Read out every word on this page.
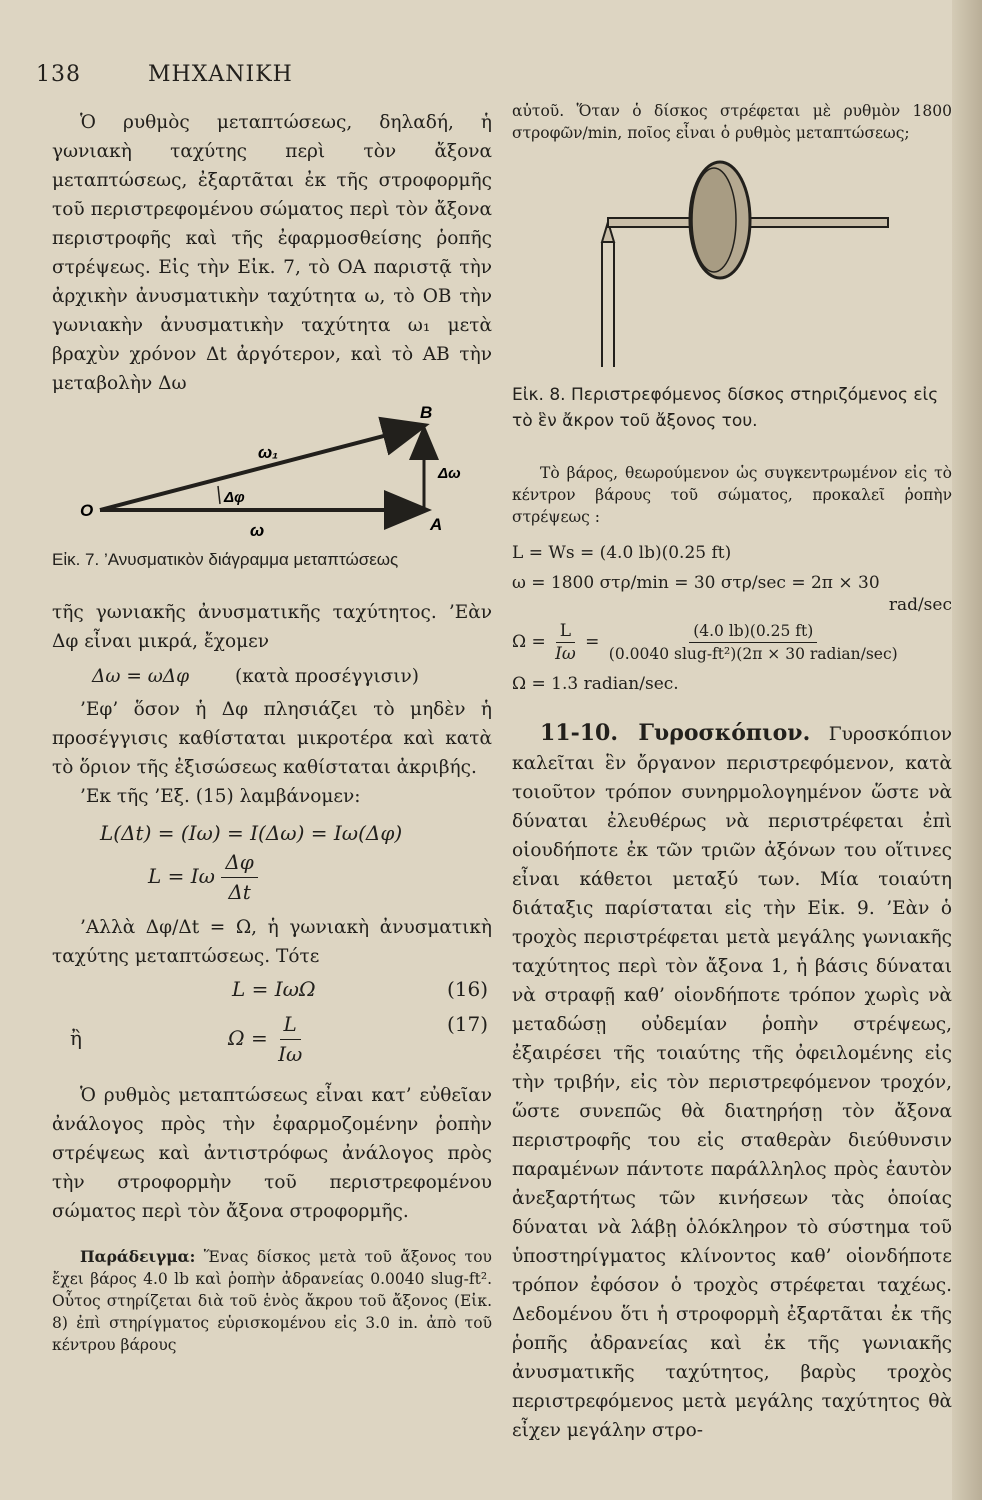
138	ΜΗΧΑΝΙΚΗ

Ὁ ρυθμὸς μεταπτώσεως, δηλαδή, ἡ γωνιακὴ ταχύτης περὶ τὸν ἄξονα μεταπτώσεως, ἐξαρτᾶται ἐκ τῆς στροφορμῆς τοῦ περιστρεφομένου σώματος περὶ τὸν ἄξονα περιστροφῆς καὶ τῆς ἐφαρμοσθείσης ῥοπῆς στρέψεως. Εἰς τὴν Εἰκ. 7, τὸ OA παριστᾷ τὴν ἀρχικὴν ἀνυσματικὴν ταχύτητα ω, τὸ OB τὴν γωνιακὴν ἀνυσματικὴν ταχύτητα ω₁ μετὰ βραχὺν χρόνον Δt ἀργότερον, καὶ τὸ AB τὴν μεταβολὴν Δω

O
A
B
ω
ω₁
Δφ
Δω

Εἰκ. 7. ’Ανυσματικὸν διάγραμμα μεταπτώσεως

τῆς γωνιακῆς ἀνυσματικῆς ταχύτητος. ’Εὰν Δφ εἶναι μικρά, ἔχομεν

Δω = ωΔφ (κατὰ προσέγγισιν)

’Εφ’ ὅσον ἡ Δφ πλησιάζει τὸ μηδὲν ἡ προσέγγισις καθίσταται μικροτέρα καὶ κατὰ τὸ ὅριον τῆς ἐξισώσεως καθίσταται ἀκριβής.

’Εκ τῆς ’Εξ. (15) λαμβάνομεν:

L(Δt) = (Iω) = I(Δω) = Iω(Δφ)

L = Iω $\frac{\Delta\varphi}{\Delta t}$

’Αλλὰ Δφ/Δt = Ω, ἡ γωνιακὴ ἀνυσματικὴ ταχύτης μεταπτώσεως. Τότε

L = IωΩ	(16)

ἢ	$\Omega = \frac{L}{I\omega}$	(17)

Ὁ ρυθμὸς μεταπτώσεως εἶναι κατ’ εὐθεῖαν ἀνάλογος πρὸς τὴν ἐφαρμοζομένην ῥοπὴν στρέψεως καὶ ἀντιστρόφως ἀνάλογος πρὸς τὴν στροφορμὴν τοῦ περιστρεφομένου σώματος περὶ τὸν ἄξονα στροφορμῆς.

Παράδειγμα: Ἕνας δίσκος μετὰ τοῦ ἄξονος του ἔχει βάρος 4.0 lb καὶ ῥοπὴν ἀδρανείας 0.0040 slug-ft². Οὗτος στηρίζεται διὰ τοῦ ἑνὸς ἄκρου τοῦ ἄξονος (Εἰκ. 8) ἐπὶ στηρίγματος εὑρισκομένου εἰς 3.0 in. ἀπὸ τοῦ κέντρου βάρους

αὐτοῦ. Ὅταν ὁ δίσκος στρέφεται μὲ ρυθμὸν 1800 στροφῶν/min, ποῖος εἶναι ὁ ρυθμὸς μεταπτώσεως;

Εἰκ. 8. Περιστρεφόμενος δίσκος στηριζόμενος εἰς τὸ ἓν ἄκρον τοῦ ἄξονος του.

Τὸ βάρος, θεωρούμενον ὡς συγκεντρωμένον εἰς τὸ κέντρον βάρους τοῦ σώματος, προκαλεῖ ῥοπὴν στρέψεως :

L = Ws = (4.0 lb)(0.25 ft)

ω = 1800 στρ/min = 30 στρ/sec = 2π × 30
rad/sec

$\Omega = \frac{L}{I\omega} = \frac{(4.0 lb)(0.25 ft)}{\text{(0.0040 slug-ft²)(2π × 30 radian/sec)}}$

Ω = 1.3 radian/sec.

11-10. Γυροσκόπιον. Γυροσκόπιον καλεῖται ἓν ὄργανον περιστρεφόμενον, κατὰ τοιοῦτον τρόπον συνηρμολογημένον ὥστε νὰ δύναται ἐλευθέρως νὰ περιστρέφεται ἐπὶ οἱουδήποτε ἐκ τῶν τριῶν ἀξόνων του οἵτινες εἶναι κάθετοι μεταξύ των. Μία τοιαύτη διάταξις παρίσταται εἰς τὴν Εἰκ. 9. ’Εὰν ὁ τροχὸς περιστρέφεται μετὰ μεγάλης γωνιακῆς ταχύτητος περὶ τὸν ἄξονα 1, ἡ βάσις δύναται νὰ στραφῇ καθ’ οἱονδήποτε τρόπον χωρὶς νὰ μεταδώσῃ οὐδεμίαν ῥοπὴν στρέψεως, ἐξαιρέσει τῆς τοιαύτης τῆς ὀφειλομένης εἰς τὴν τριβήν, εἰς τὸν περιστρεφόμενον τροχόν, ὥστε συνεπῶς θὰ διατηρήσῃ τὸν ἄξονα περιστροφῆς του εἰς σταθερὰν διεύθυνσιν παραμένων πάντοτε παράλληλος πρὸς ἑαυτὸν ἀνεξαρτήτως τῶν κινήσεων τὰς ὁποίας δύναται νὰ λάβῃ ὁλόκληρον τὸ σύστημα τοῦ ὑποστηρίγματος κλίνοντος καθ’ οἱονδήποτε τρόπον ἐφόσον ὁ τροχὸς στρέφεται ταχέως. Δεδομένου ὅτι ἡ στροφορμὴ ἐξαρτᾶται ἐκ τῆς ῥοπῆς ἀδρανείας καὶ ἐκ τῆς γωνιακῆς ἀνυσματικῆς ταχύτητος, βαρὺς τροχὸς περιστρεφόμενος μετὰ μεγάλης ταχύτητος θὰ εἶχεν μεγάλην στρο-
